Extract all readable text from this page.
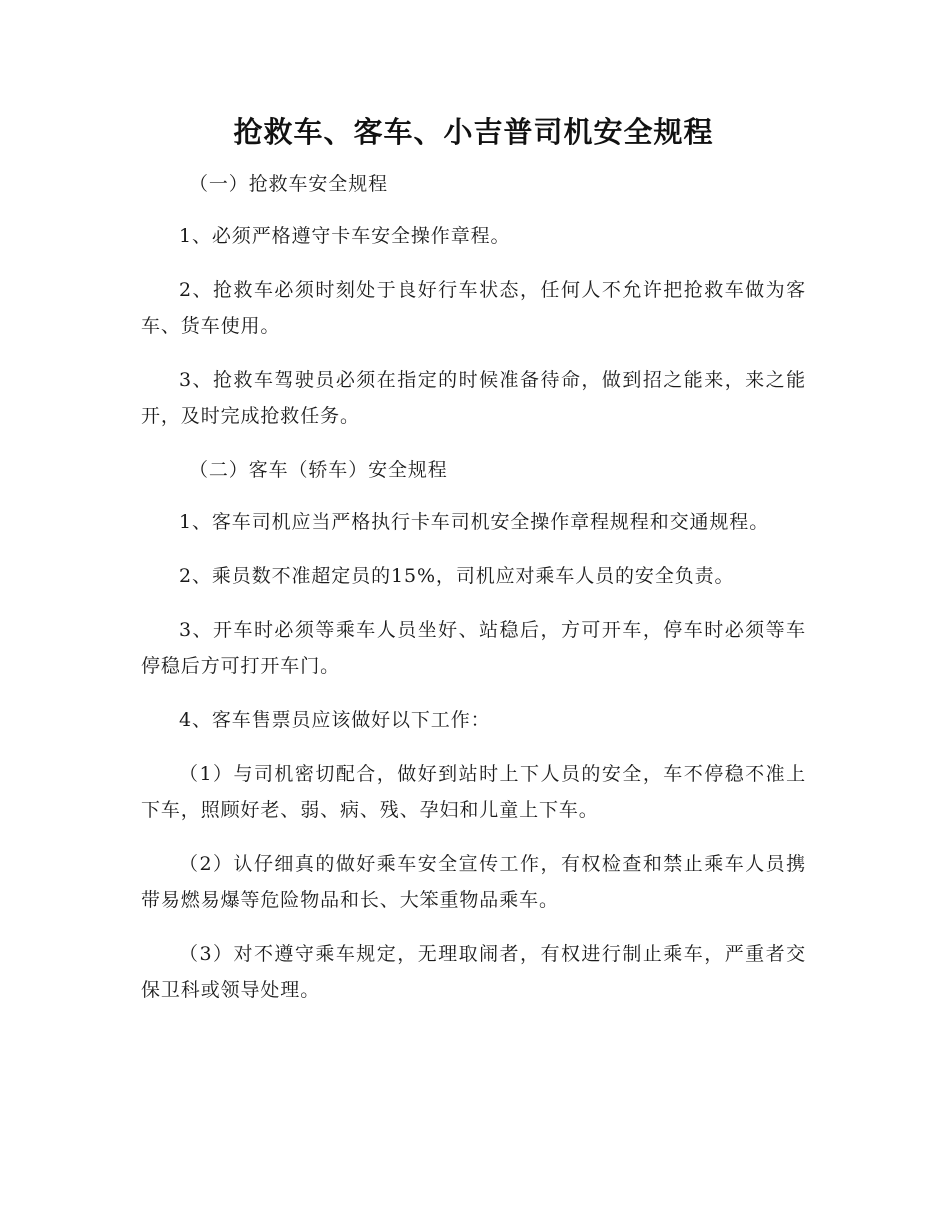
抢救车、客车、小吉普司机安全规程
（一）抢救车安全规程

1、必须严格遵守卡车安全操作章程。

2、抢救车必须时刻处于良好行车状态，任何人不允许把抢救车做为客车、货车使用。

3、抢救车驾驶员必须在指定的时候准备待命，做到招之能来，来之能开，及时完成抢救任务。

（二）客车（轿车）安全规程

1、客车司机应当严格执行卡车司机安全操作章程规程和交通规程。

2、乘员数不准超定员的15%，司机应对乘车人员的安全负责。

3、开车时必须等乘车人员坐好、站稳后，方可开车，停车时必须等车停稳后方可打开车门。

4、客车售票员应该做好以下工作：

（1）与司机密切配合，做好到站时上下人员的安全，车不停稳不准上下车，照顾好老、弱、病、残、孕妇和儿童上下车。

（2）认仔细真的做好乘车安全宣传工作，有权检查和禁止乘车人员携带易燃易爆等危险物品和长、大笨重物品乘车。

（3）对不遵守乘车规定，无理取闹者，有权进行制止乘车，严重者交保卫科或领导处理。
